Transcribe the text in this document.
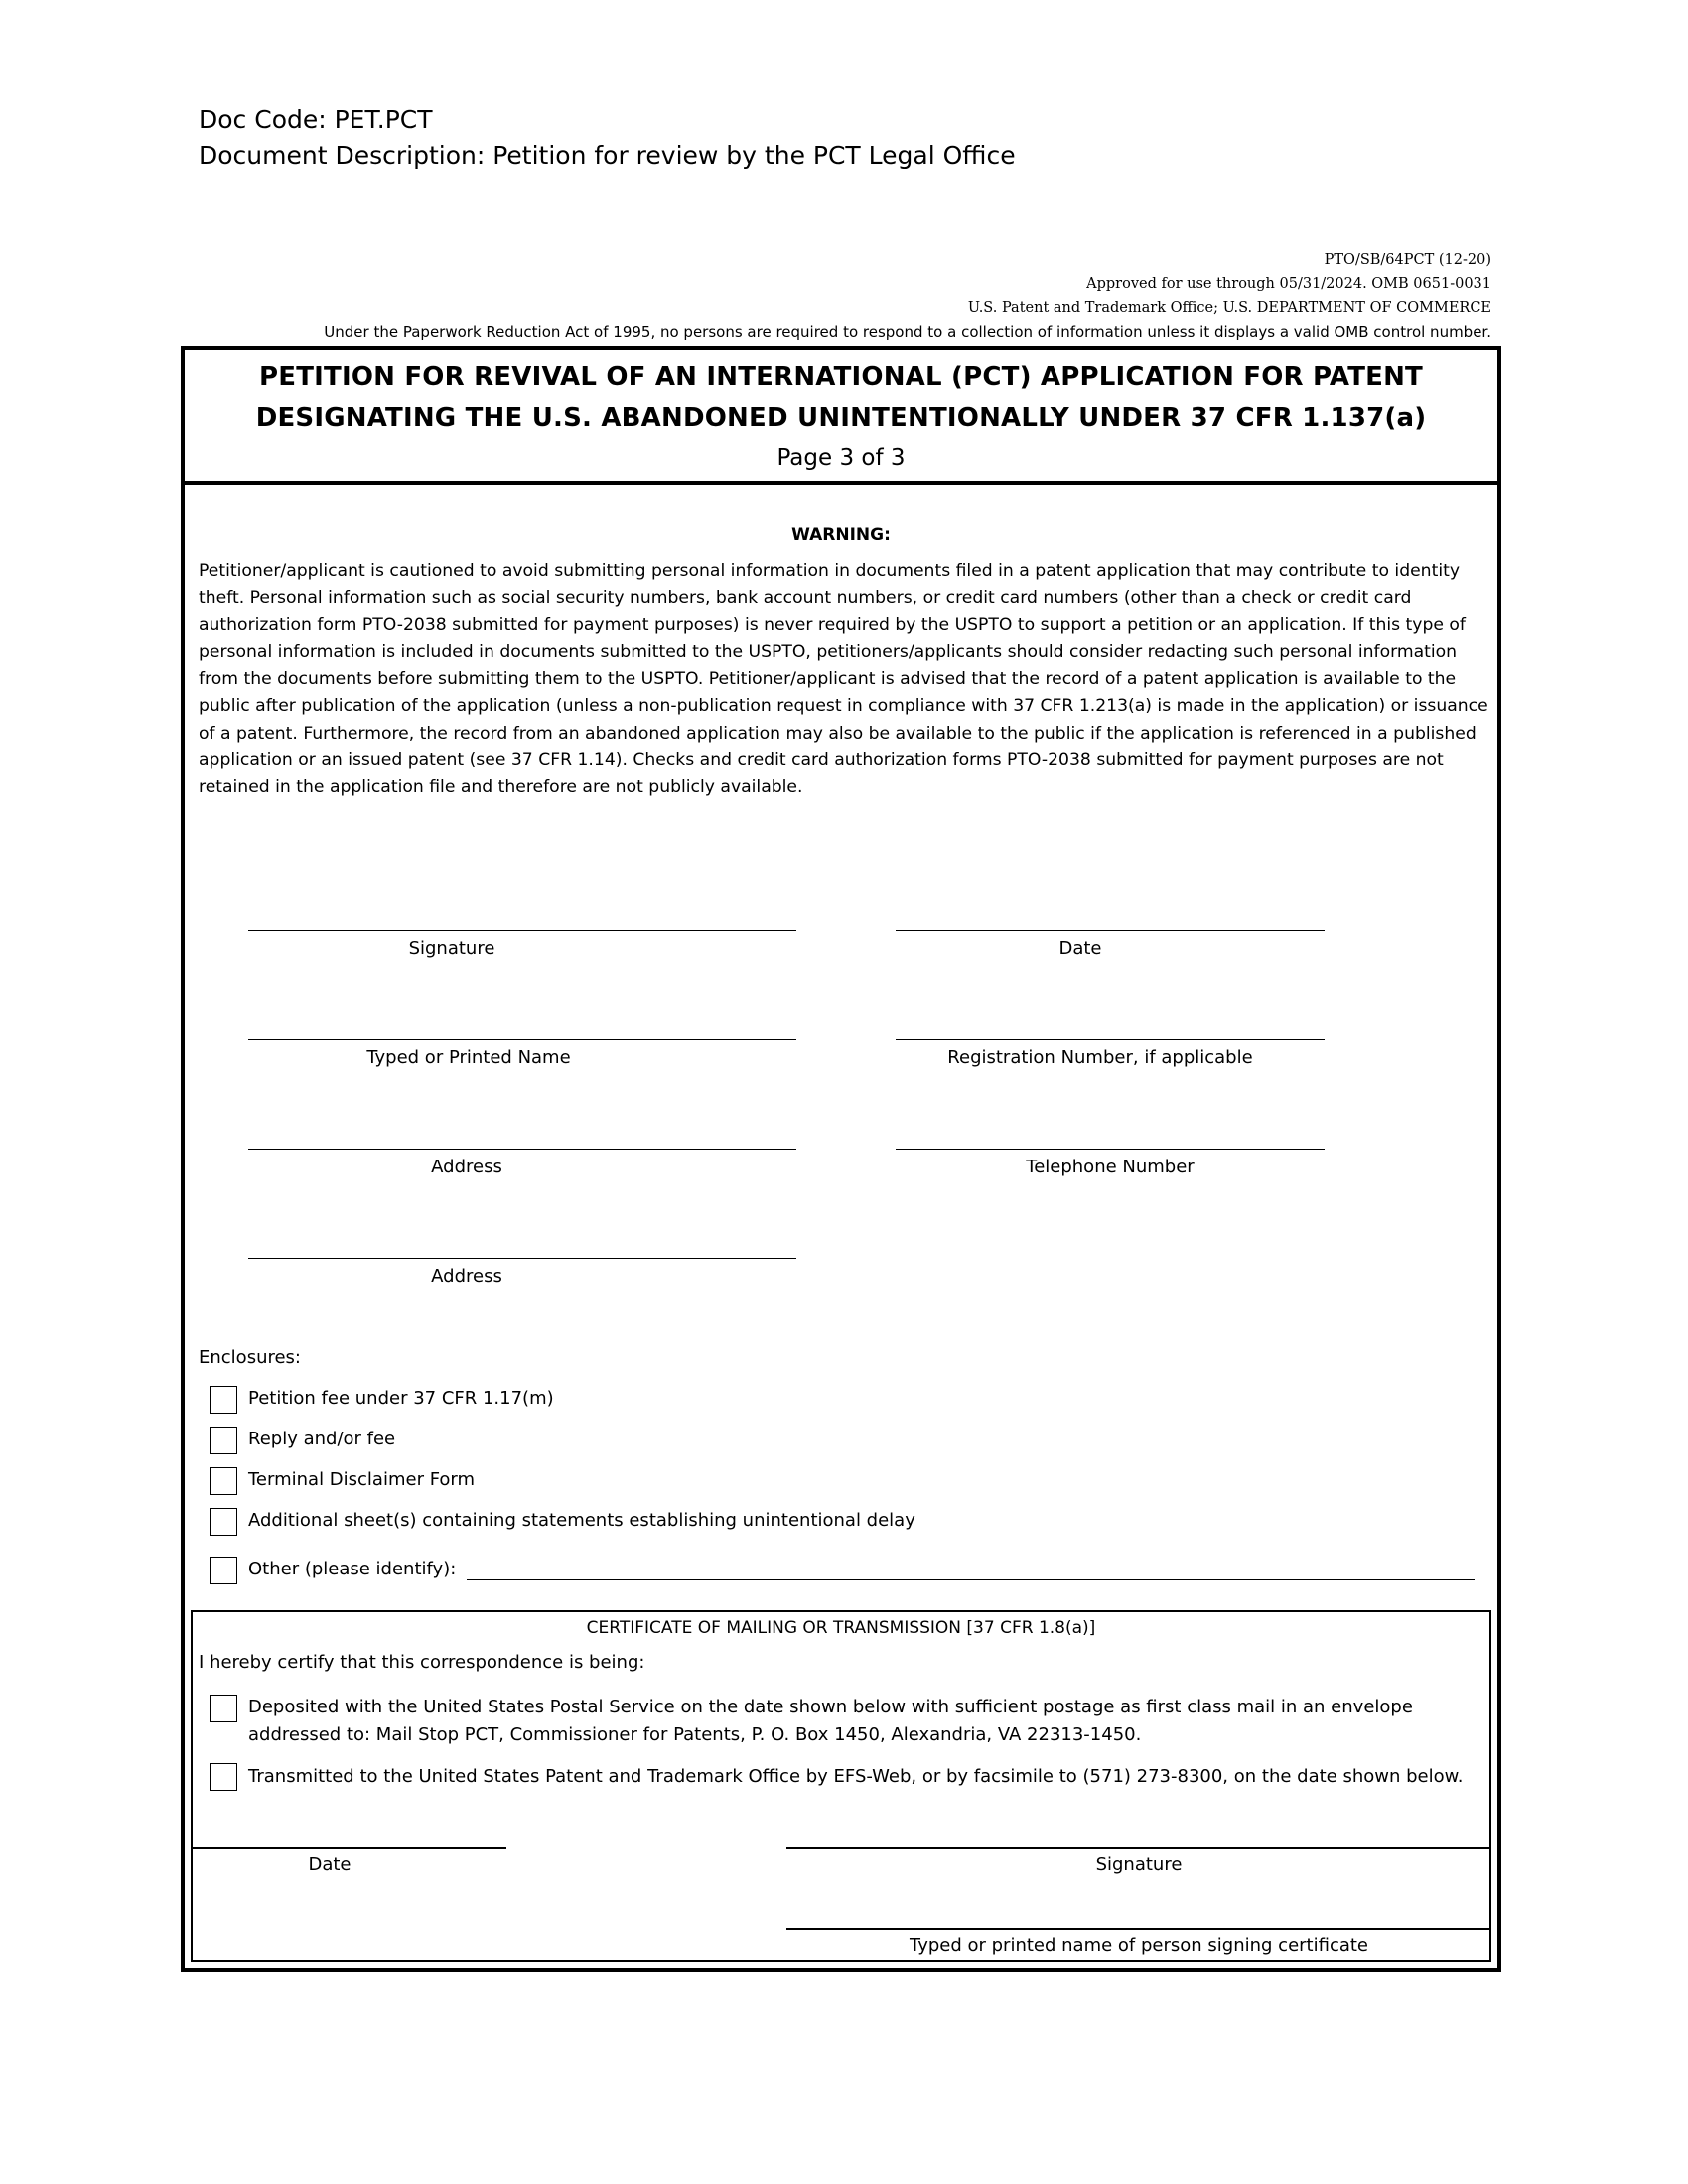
Doc Code: PET.PCT
Document Description: Petition for review by the PCT Legal Office
PTO/SB/64PCT (12-20)
Approved for use through 05/31/2024. OMB 0651-0031
U.S. Patent and Trademark Office; U.S. DEPARTMENT OF COMMERCE
Under the Paperwork Reduction Act of 1995, no persons are required to respond to a collection of information unless it displays a valid OMB control number.
PETITION FOR REVIVAL OF AN INTERNATIONAL (PCT) APPLICATION FOR PATENT
DESIGNATING THE U.S. ABANDONED UNINTENTIONALLY UNDER 37 CFR 1.137(a)
Page 3 of 3
WARNING:
Petitioner/applicant is cautioned to avoid submitting personal information in documents filed in a patent application that may contribute to identity theft. Personal information such as social security numbers, bank account numbers, or credit card numbers (other than a check or credit card authorization form PTO-2038 submitted for payment purposes) is never required by the USPTO to support a petition or an application. If this type of personal information is included in documents submitted to the USPTO, petitioners/applicants should consider redacting such personal information from the documents before submitting them to the USPTO. Petitioner/applicant is advised that the record of a patent application is available to the public after publication of the application (unless a non-publication request in compliance with 37 CFR 1.213(a) is made in the application) or issuance of a patent. Furthermore, the record from an abandoned application may also be available to the public if the application is referenced in a published application or an issued patent (see 37 CFR 1.14). Checks and credit card authorization forms PTO-2038 submitted for payment purposes are not retained in the application file and therefore are not publicly available.
Signature	Date
Typed or Printed Name	Registration Number, if applicable
Address	Telephone Number
Address
Enclosures:
Petition fee under 37 CFR 1.17(m)
Reply and/or fee
Terminal Disclaimer Form
Additional sheet(s) containing statements establishing unintentional delay
Other (please identify):
CERTIFICATE OF MAILING OR TRANSMISSION [37 CFR 1.8(a)]
I hereby certify that this correspondence is being:
Deposited with the United States Postal Service on the date shown below with sufficient postage as first class mail in an envelope
addressed to: Mail Stop PCT, Commissioner for Patents, P. O. Box 1450, Alexandria, VA 22313-1450.
Transmitted to the United States Patent and Trademark Office by EFS-Web, or by facsimile to (571) 273-8300, on the date shown below.
Date	Signature
Typed or printed name of person signing certificate
